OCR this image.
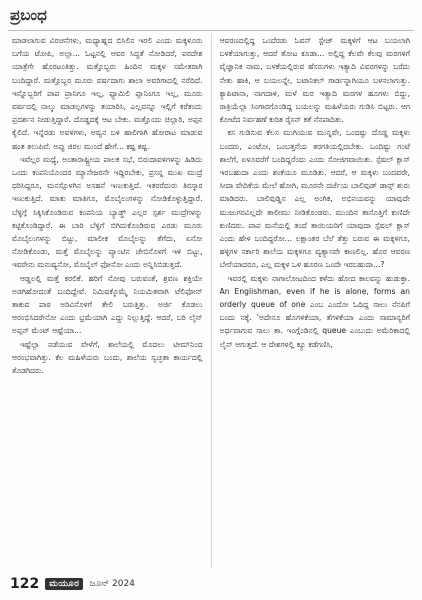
ಪ್ರಬಂಧ

ಮಾಡಲಾಗುವ ವಿರಚನೆಗಳು, ಮಧ್ಯಾಹ್ನದ ಬಿಸಿಲಿನ ಇರಲಿ ಎಂದು ಮಕ್ಕಳೂರು ಬಗೆಯ ಟೋಪಿ, ಅಲ್ಲಾ... ಓಟ್ಟನಲ್ಲಿ ಆವರ ಸಿದ್ಧತೆ ನೋಡಿದರೆ, ಪರದೇಶ ಯಾತ್ರೆಗೇ ಹೊರಟಂತಿತ್ತು. ಮತ್ತೊಬ್ಬರು ಹಿಂದಿನ ಮಕ್ಕಳ ಸಮೇತರಾಗಿ ಬಂದಿದ್ದಾರೆ. ಮತ್ತೊಬ್ಬರ ಮೂರು ವರ್ಷದಾಗು ಶಾಲಾ ಅವರಿಗಾದಲ್ಲಿ ನರೆದಿದೆ. ಇನ್ನೊಬ್ಬರಿಗೆ ಪಾಪ ಪ್ರಾನಿಗೂ ಇಲ್ಲ, ಫ್ಯಾಮಿಲಿ ಪ್ಲಾನಿಂಗೂ ಇಲ್ಲ, ಮೂರು ವರ್ಷದಲ್ಲಿ ನಾಲ್ಕು ಮಾಡಲ್ಪಗಳನ್ನು ತಯಾರಿಸಿ, ಎಲ್ಲವನ್ನೂ ಇಲ್ಲಿಗೆ ಕರೆತಂದು ಪ್ರದರ್ಶನ ನೀಡುತ್ತಿದ್ದಾರೆ. ದೊಡ್ಡದಕ್ಕೆ ಆಟ ಬೇಕು. ಮತ್ತೊಂದು ಚಿಲ್ಲಾರಿ, ಅಪ್ಪನ ಕೈಲಿದೆ. ಇನ್ನೆರಡು ಅವಳಿಗಳು, ಅವ್ವನ ಬಳಿ ಹಾಲಿಗಾಗಿ ಹೋರಾಟ ಮಾಡುವ ಹಂತ ತಲುಪಿವೆ. ಅಪ್ಪು ಜಿರಲ ಮುಂದೆ ಹೇಗೆ... ಕಷ್ಟ ಕಷ್ಟ.

ಇವೆಲ್ಲರ ಮಧ್ಯೆ, ಅಂತಾರಾಷ್ಟ್ರೀಯ ಪಾಲಕ ಸಭೆ, ಬಿರುದಾವಳಿಗಳನ್ನು ಹಿಡಿದು ಒಂದು ಕಂಪನಿಯೊಂದರ ಮ್ಯಾನೇಜರನೇ ಇದ್ದಿರಬೇಕು, ಪ್ರಸನ್ನ ಮುಖ ಮುದ್ರೆ ಧರಿಸಿದ್ದರೂ, ಮನಸ್ಸೊಳಗಿನ ಅಸಹನೆ ಇಣುಕುತ್ತಿದೆ. ಇತರರೆದುರು ತಿರಸ್ಕಾರ ಇಣುಕುತ್ತಿದೆ. ಮಾತು ಮಾತಿಗೂ, ಮೊಬೈಲುಗಳನ್ನು ನೋಡಿಕೊಳ್ಳುತ್ತಿದ್ದಾರೆ. ಬೆಳ್ಳಿಗ್ಗೆ ಸಿಕ್ಕಿಸಿಕೊಂಡಿರುವ ಕಂಪನಿಯ ಬ್ಯಾಡ್ಜ್ ಎಲ್ಲರ ಸ್ಪರ್ಶ ಮುದ್ರೆಗಳನ್ನು ಕಟ್ಟಿಕೊಂಡಿದ್ದಾರೆ. ಈ ಬಾರಿ ಬೆಳ್ಳಿಗೆ ಬಿಗಿದುಕೊಂಡಿರುವ ಎರಡು ಮೂರು ಮೊಬೈಲುಗಳನ್ನು ಬಿಟ್ಟು, ಮಾಲೀಕ ಮೊಬೈಲನ್ನು ತೆಗೆದು, ಏನೋ ನೋಡಿಕೊಂಡು, ಮತ್ತೆ ಮೊಬೈಲನ್ನು ಪ್ಯಾಂಟಿನ ಜೇಬಿನೊಳಗೆ ಇಳಿ ಬಿಟ್ಟು, ಇವರೇನು ಮನುಷ್ಯನೋ, ಮೊಬೈಲ್ ಫೋನೋ ಎಂದು ಅನ್ನಿಸಿಬಿಡುತ್ತದೆ.

ಆಡ್ಡಲಲ್ಲಿ ಮತ್ತೆ ಕರಲಿಕೆ. ಹರಿಗೆ ನೋವು ಬರುವಂತೆ, ಶ್ರವಣ ಶಕ್ತಿಯೇ ಅಡಗಿಹೋದಂತೆ ಬಂದಿದ್ದೇವೆ. ನಿಮಿಷಕ್ಕೊಮ್ಮೆ ನಿಯಮಿತವಾಗಿ ಟೆಲಿಫೋನ್ ತಾಕುವ ಪಾಠ ಅರಿವಿನೊಳಗೆ ತೇಲಿ ಬರುತ್ತಿತ್ತು. ಅರ್ಜಿ ಕೊಡಲು ಆರಂಭಿಸಿದರೇನೋ ಎಂದು ಭ್ರಮೆಯಾಗಿ ಎದ್ದು ನಿಲ್ಲುತ್ತಿದ್ದೆ. ಆದರೆ, ಬರಿ ಲೈನ್ ಅಪ್ಪನ್ ಮೆಂಟ್ ಆಷ್ಟೆಯಾ...

ಇಷ್ಟೆಲ್ಲಾ ನಡೆಯುವ ವೇಳೆಗೆ, ಶಾಲೆಯಲ್ಲಿ ಮೊದಲು ಟೀಮ್‌ನಿಂದ ಆರಂಭವಾಗಿತ್ತು. ಕೆಲ ಮಹಿಳೆಯರು ಬಂದು, ಶಾಲೆಯ ಸ್ವಚ್ಛತಾ ಕಾರ್ಯದಲ್ಲಿ ತೊಡಗಿದರು.

ಆವರಣದಲ್ಲಿದ್ದ ಒಂದೆರಡು ಓವನ್ ಸ್ಟೇಜ್ ಮಕ್ಕಳಿಗೆ ಆಟ ಬಯಲಾಗಿ ಬಳಕೆಯಾಗುತ್ತು, ಆದರೆ ತೋಟ ಕೂಡಾ... ಅಲ್ಲಿದ್ದ ಕೆಲವೇ ಕೆಲವು ಮರಗಳಿಗೆ ವೈಜ್ಞಾನಿಕ ನಾಮ, ಬಳಕೆಯಲ್ಲಿರುವ ಹೆಸರುಗಳು ಇತ್ಯಾದಿ ವಿವರಗಳನ್ನು ಬರೆದು ನೇತು ಹಾಕಿ, ಆ ಬಯಲನ್ನೇ, ಬಟಾನಿಕಲ್ ಗಾರ್ಡನ್ನಾಗಿಯೂ ಬಳಸಲಾಗುತ್ತು. ಕ್ಯಾಪಿಟಾನಾ, ನಾಗದಾಳಿ, ಮಳೆ ಮರ ಇತ್ಯಾದಿ ಮರಗಳ ಹೂಗಳು ಬಿದ್ದು, ರಾತ್ರಿಯೆಲ್ಲಾ ಸಿಂಗಾರಗೊಂಡಿದ್ದ ಬಯಲನ್ನು ಮಹಿಳೆಯರು ಗುಡಿಸಿ ಬಿಟ್ಟರು. ಆಗ ಕೋಟೆದ ನಿರ್ವಹಣೆ ಕುರಿತ ರೈಸನ್ ಕತೆ ನೆನಪಾದಿತು.

ಕಸ ಗುಡಿಸುವ ಕೆಲಸ ಮುಗಿಯುವ ಮುನ್ನವೇ, ಒಂದಷ್ಟು ದೊಡ್ಡ ಮಕ್ಕಳು ಬಂದರು, ಎಂಟೋ, ಒಂಬತ್ತನೆಯ ತರಗತಿಯಲ್ಲಿದಬೇಕು. ಒಂದಿಷ್ಟು ಗಂಟೆ ಶಾಲೆಗೆ, ಏಳೂವರೆಗೆ ಬಂದಿದ್ದರೆಂದು ಎಂದು ಸೋಜಿಗವಾಯಿತು. ಸ್ಪೆಷಲ್ ಕ್ಲಾಸ್ ಇರಬಹುದಾ ಎಂದು ಶಂಕೆಯೂ ಮೂಡಿತು. ಆದರೆ, ಆ ಮಕ್ಕಳು ಬಂದವರೇ, ಸೀದಾ ವೇದಿಕೆಯ ಮೇಲೆ ಹೋಗಿ, ಮೂರನೇ ದರ್ಜೆಯ ಬಾಲಿವುಡ್ ಡಾನ್ಸ್ ಶುರು ಮಾಡಿದರು. ಬಾಲಿವುಡ್ಡಿನ ಎಲ್ಲ ಅಂಗಿಕ, ಅಭಿನಯವನ್ನು ಯಾವುದೇ ಮುಜುಗರವಿಲ್ಲದೇ ತಾಲೀಮು ನೀಡಿಕೊಂಡರು. ಮುಂದಿನ ತಾಸೊತ್ತಿಗೆ ಕುಣಿದೇ ಕುಣಿದರು. ಪಾಪ ಮನೆಯಲ್ಲಿ ತಂದೆ ತಾಯಿಯರಿಗೆ ಯಾವುದಾ ಸ್ಪೆಷಲ್ ಕ್ಲಾಸ್ ಎಂದು ಹೇಳಿ ಬಂದಿದ್ದರೋ... ಲಕ್ಷಾಂತರ ಬೆಲೆ ತೆತ್ತು ಬರುವ ಈ ಮಕ್ಕಳಿಗೂ, ಹಳ್ಳಿಗಳ ಸರ್ಕಾರಿ ಶಾಲೆಯ ಮಕ್ಕಳಿಗೂ ವ್ಯತ್ಯಾಸವೇ ಕಾಣಲಿಲ್ಲ. ಹೊರ ಆವರಣ ಬೇರೆಯಾದರೂ, ಎಲ್ಲ ಮಕ್ಕಳ ಒಳ ಹೂರಣ ಒಂದೇ ಇರಬಹುದಾ...?

ಇವರಲ್ಲಿ ಮಕ್ಕಳು ನಾಗಾಲೋಟದಿಂದ ಕಳೆದು ಹೋದ ಕಾಲವನ್ನು ಹುಡುಕ್ತಾ. An Englishman, even if he is alone, forms an orderly queue of one ಎಂಬ ಎಂದೋ ಓದಿದ್ದ ಸಾಲು ನೆನಪಿಗೆ ಬಂದು ನಕ್ಕೆ. 'ಅದೇನೂ ಹೊಗಳಿಕೆಯಾ, ತೆಗಳಿಕೆಯಾ ಎಂದು ಸಾಮಾನ್ಯರಿಗೆ ಅರ್ಥವಾಗುವ ಸಾಲು ತಾ. ಇಂಗ್ಲೆಂಡಿನಲ್ಲಿ queue ಎಂಬುದು ಅಮೆರಿಕಾದಲ್ಲಿ ಲೈನ್ ಆಗುತ್ತದೆ. ಆ ದೇಶಗಳಲ್ಲಿ ಕ್ಯೂ ಕಡೆಗಣಿಸಿ,

122	ಮಯೂರ	ಜೂನ್ 2024
